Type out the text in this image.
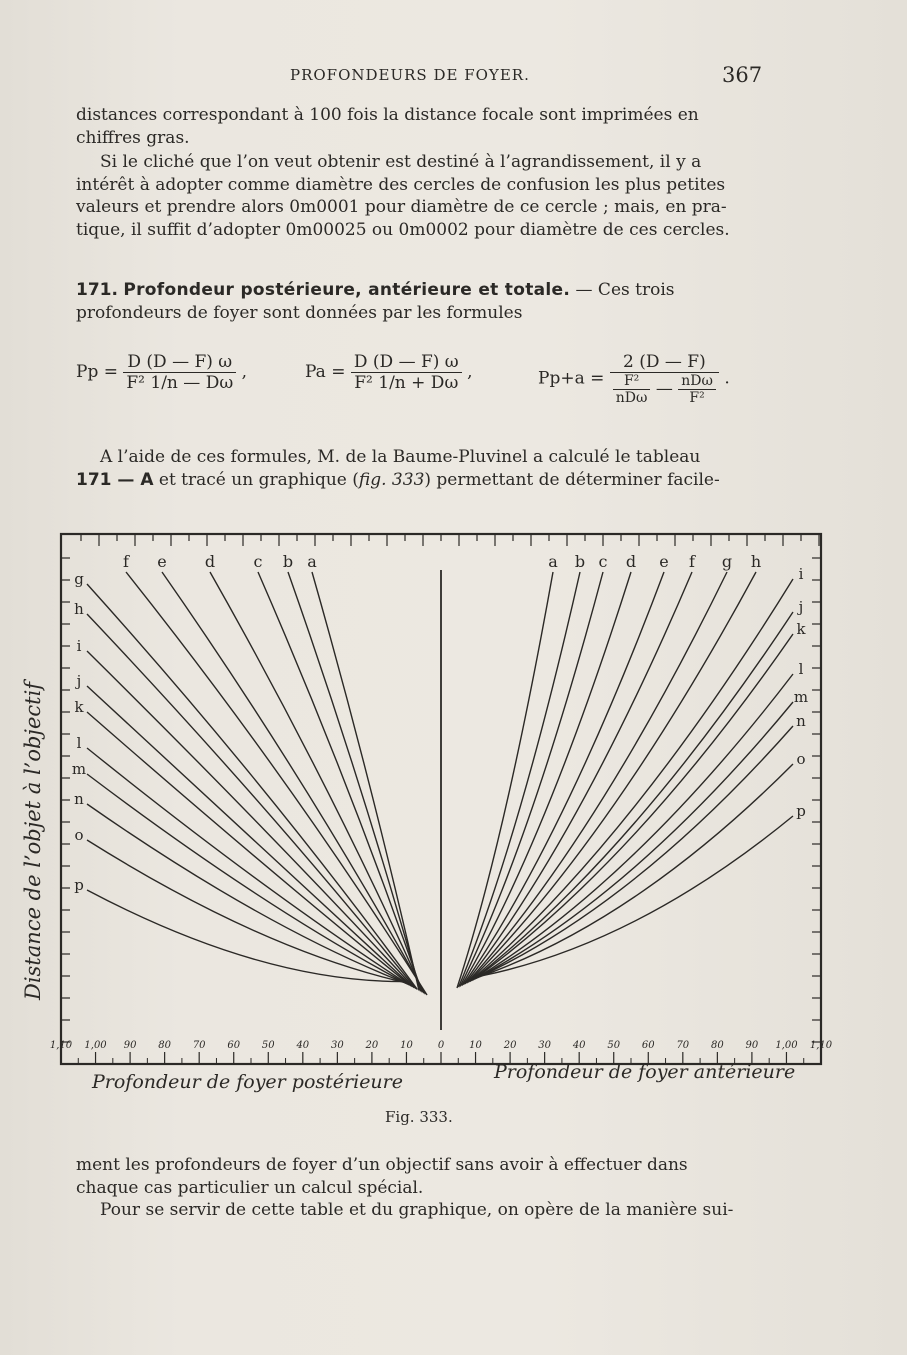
PROFONDEURS DE FOYER.	367
distances correspondant à 100 fois la distance focale sont imprimées en
chiffres gras.
Si le cliché que l’on veut obtenir est destiné à l’agrandissement, il y a
intérêt à adopter comme diamètre des cercles de confusion les plus petites
valeurs et prendre alors 0m0001 pour diamètre de ce cercle ; mais, en pra-
tique, il suffit d’adopter 0m00025 ou 0m0002 pour diamètre de ces cercles.
171. Profondeur postérieure, antérieure et totale. — Ces trois
profondeurs de foyer sont données par les formules
$Pp = \frac{D (D — F) \omega}{\text{F² 1/n — Dω}}$ ,	$Pa = \frac{D (D — F) \omega}{\text{F² 1/n + Dω}}$ ,	Pp+a =
2 (D — F)
$\frac{\text{F²}}{\text{nDω}}$ — $\frac{\text{nDω}}{\text{F²}}$ .
A l’aide de ces formules, M. de la Baume-Pluvinel a calculé le tableau
171 — A et tracé un graphique (fig. 333) permettant de déterminer facile-
1,10 1,00 90 80 70 60 50 40 30 20 10 0 10 20 30 40 50 60 70 80 90 1,00 1,10
f e d c b a	a b c d e f g h
g
h
i
j
k
l
m
n
o
p
i
j
k
l
m
n
o
p
Distance de l’objet à l’objectif
Profondeur de foyer postérieure	Profondeur de foyer antérieure
Fig. 333.
ment les profondeurs de foyer d’un objectif sans avoir à effectuer dans
chaque cas particulier un calcul spécial.
Pour se servir de cette table et du graphique, on opère de la manière sui-
